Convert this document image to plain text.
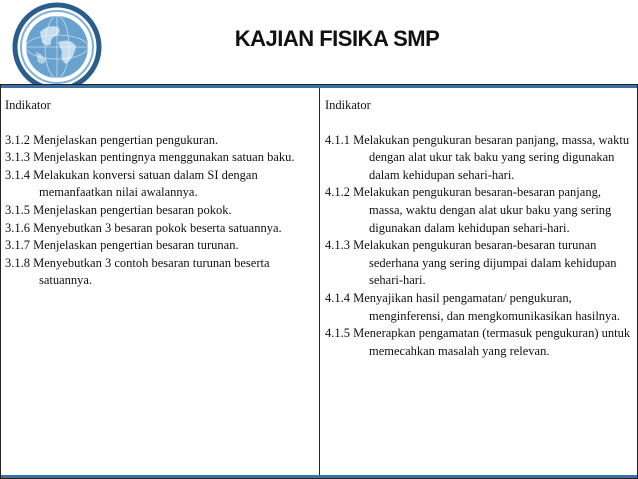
KAJIAN FISIKA SMP
Indikator
3.1.2 Menjelaskan pengertian pengukuran.
3.1.3 Menjelaskan pentingnya menggunakan satuan baku.
3.1.4 Melakukan konversi satuan dalam SI dengan memanfaatkan nilai awalannya.
3.1.5 Menjelaskan pengertian besaran pokok.
3.1.6 Menyebutkan 3 besaran pokok beserta satuannya.
3.1.7 Menjelaskan pengertian besaran turunan.
3.1.8 Menyebutkan 3 contoh besaran turunan beserta satuannya.
Indikator
4.1.1 Melakukan pengukuran besaran panjang, massa, waktu dengan alat ukur tak baku yang sering digunakan dalam kehidupan sehari-hari.
4.1.2 Melakukan pengukuran besaran-besaran panjang, massa, waktu dengan alat ukur baku yang sering digunakan dalam kehidupan sehari-hari.
4.1.3 Melakukan pengukuran besaran-besaran turunan sederhana yang sering dijumpai dalam kehidupan sehari-hari.
4.1.4 Menyajikan hasil pengamatan/ pengukuran, menginferensi, dan mengkomunikasikan hasilnya.
4.1.5 Menerapkan pengamatan (termasuk pengukuran) untuk memecahkan masalah yang relevan.
